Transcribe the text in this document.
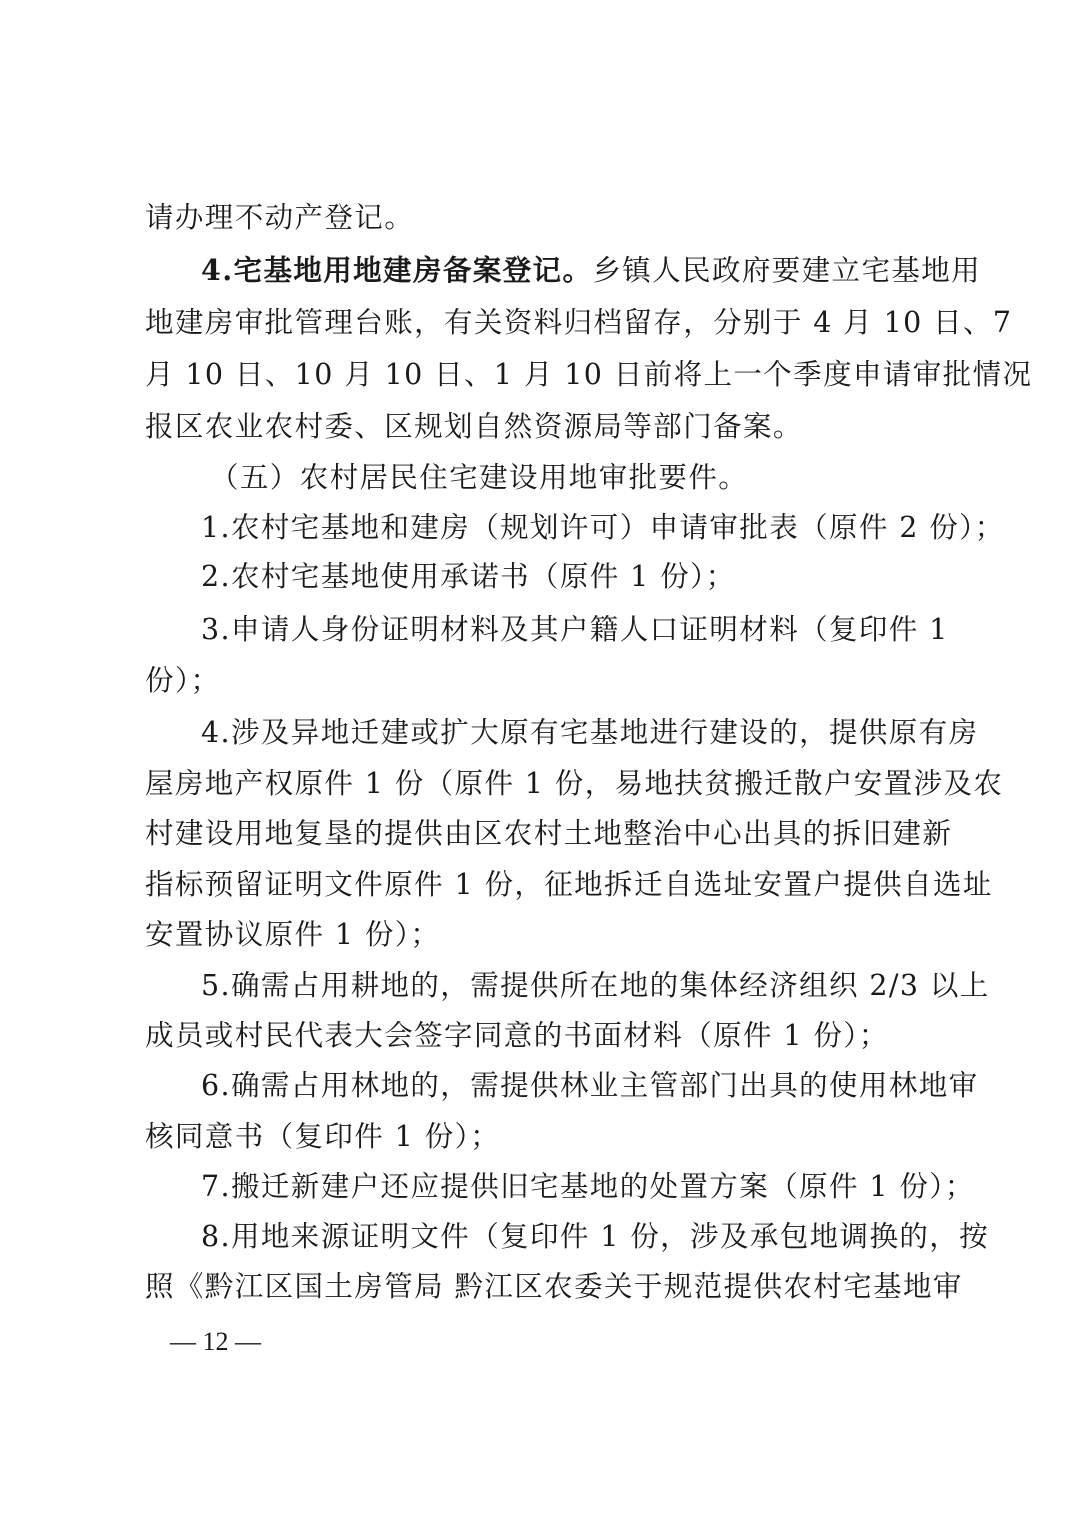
请办理不动产登记。
4.宅基地用地建房备案登记。乡镇人民政府要建立宅基地用
地建房审批管理台账，有关资料归档留存，分别于 4 月 10 日、7
月 10 日、10 月 10 日、1 月 10 日前将上一个季度申请审批情况
报区农业农村委、区规划自然资源局等部门备案。
（五）农村居民住宅建设用地审批要件。
1.农村宅基地和建房（规划许可）申请审批表（原件 2 份）；
2.农村宅基地使用承诺书（原件 1 份）；
3.申请人身份证明材料及其户籍人口证明材料（复印件 1
份）；
4.涉及异地迁建或扩大原有宅基地进行建设的，提供原有房
屋房地产权原件 1 份（原件 1 份，易地扶贫搬迁散户安置涉及农
村建设用地复垦的提供由区农村土地整治中心出具的拆旧建新
指标预留证明文件原件 1 份，征地拆迁自选址安置户提供自选址
安置协议原件 1 份）；
5.确需占用耕地的，需提供所在地的集体经济组织 2/3 以上
成员或村民代表大会签字同意的书面材料（原件 1 份）；
6.确需占用林地的，需提供林业主管部门出具的使用林地审
核同意书（复印件 1 份）；
7.搬迁新建户还应提供旧宅基地的处置方案（原件 1 份）；
8.用地来源证明文件（复印件 1 份，涉及承包地调换的，按
照《黔江区国土房管局 黔江区农委关于规范提供农村宅基地审
— 12 —
